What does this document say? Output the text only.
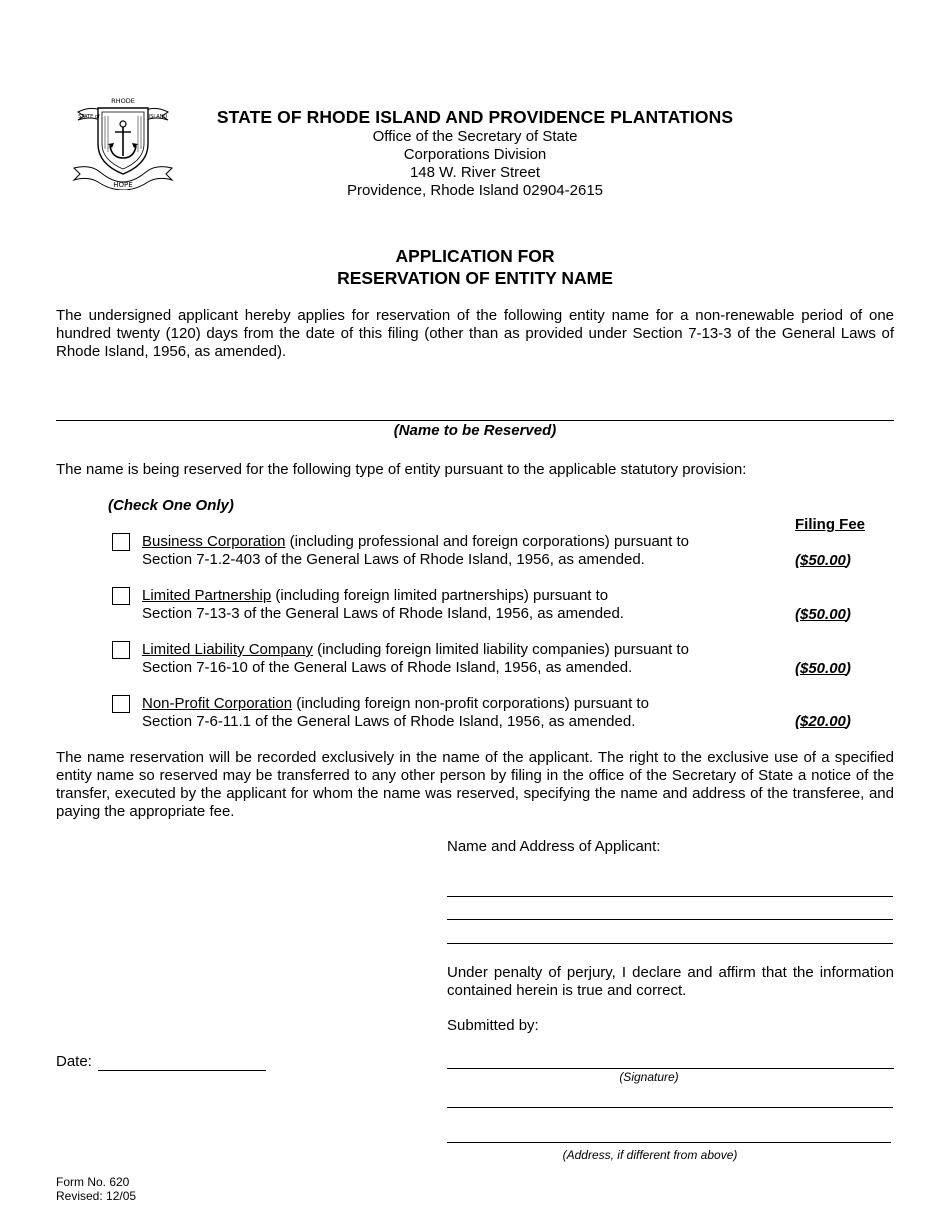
HOPE
RHODE
STATE of	ISLAND	STATE OF RHODE ISLAND AND PROVIDENCE PLANTATIONS
Office of the Secretary of State
Corporations Division
148 W. River Street
Providence, Rhode Island 02904-2615
APPLICATION FOR
RESERVATION OF ENTITY NAME
The undersigned applicant hereby applies for reservation of the following entity name for a non-renewable period of one hundred twenty (120) days from the date of this filing (other than as provided under Section 7-13-3 of the General Laws of Rhode Island, 1956, as amended).
(Name to be Reserved)
The name is being reserved for the following type of entity pursuant to the applicable statutory provision:
(Check One Only)
Filing Fee
Business Corporation (including professional and foreign corporations) pursuant to
Section 7-1.2-403 of the General Laws of Rhode Island, 1956, as amended.	($50.00)
Limited Partnership (including foreign limited partnerships) pursuant to
Section 7-13-3 of the General Laws of Rhode Island, 1956, as amended.	($50.00)
Limited Liability Company (including foreign limited liability companies) pursuant to
Section 7-16-10 of the General Laws of Rhode Island, 1956, as amended.	($50.00)
Non-Profit Corporation (including foreign non-profit corporations) pursuant to
Section 7-6-11.1 of the General Laws of Rhode Island, 1956, as amended.	($20.00)
The name reservation will be recorded exclusively in the name of the applicant. The right to the exclusive use of a specified entity name so reserved may be transferred to any other person by filing in the office of the Secretary of State a notice of the transfer, executed by the applicant for whom the name was reserved, specifying the name and address of the transferee, and paying the appropriate fee.
Name and Address of Applicant:
Under penalty of perjury, I declare and affirm that the information contained herein is true and correct.
Submitted by:
(Signature)
(Address, if different from above)
Date:
Form No. 620
Revised: 12/05
